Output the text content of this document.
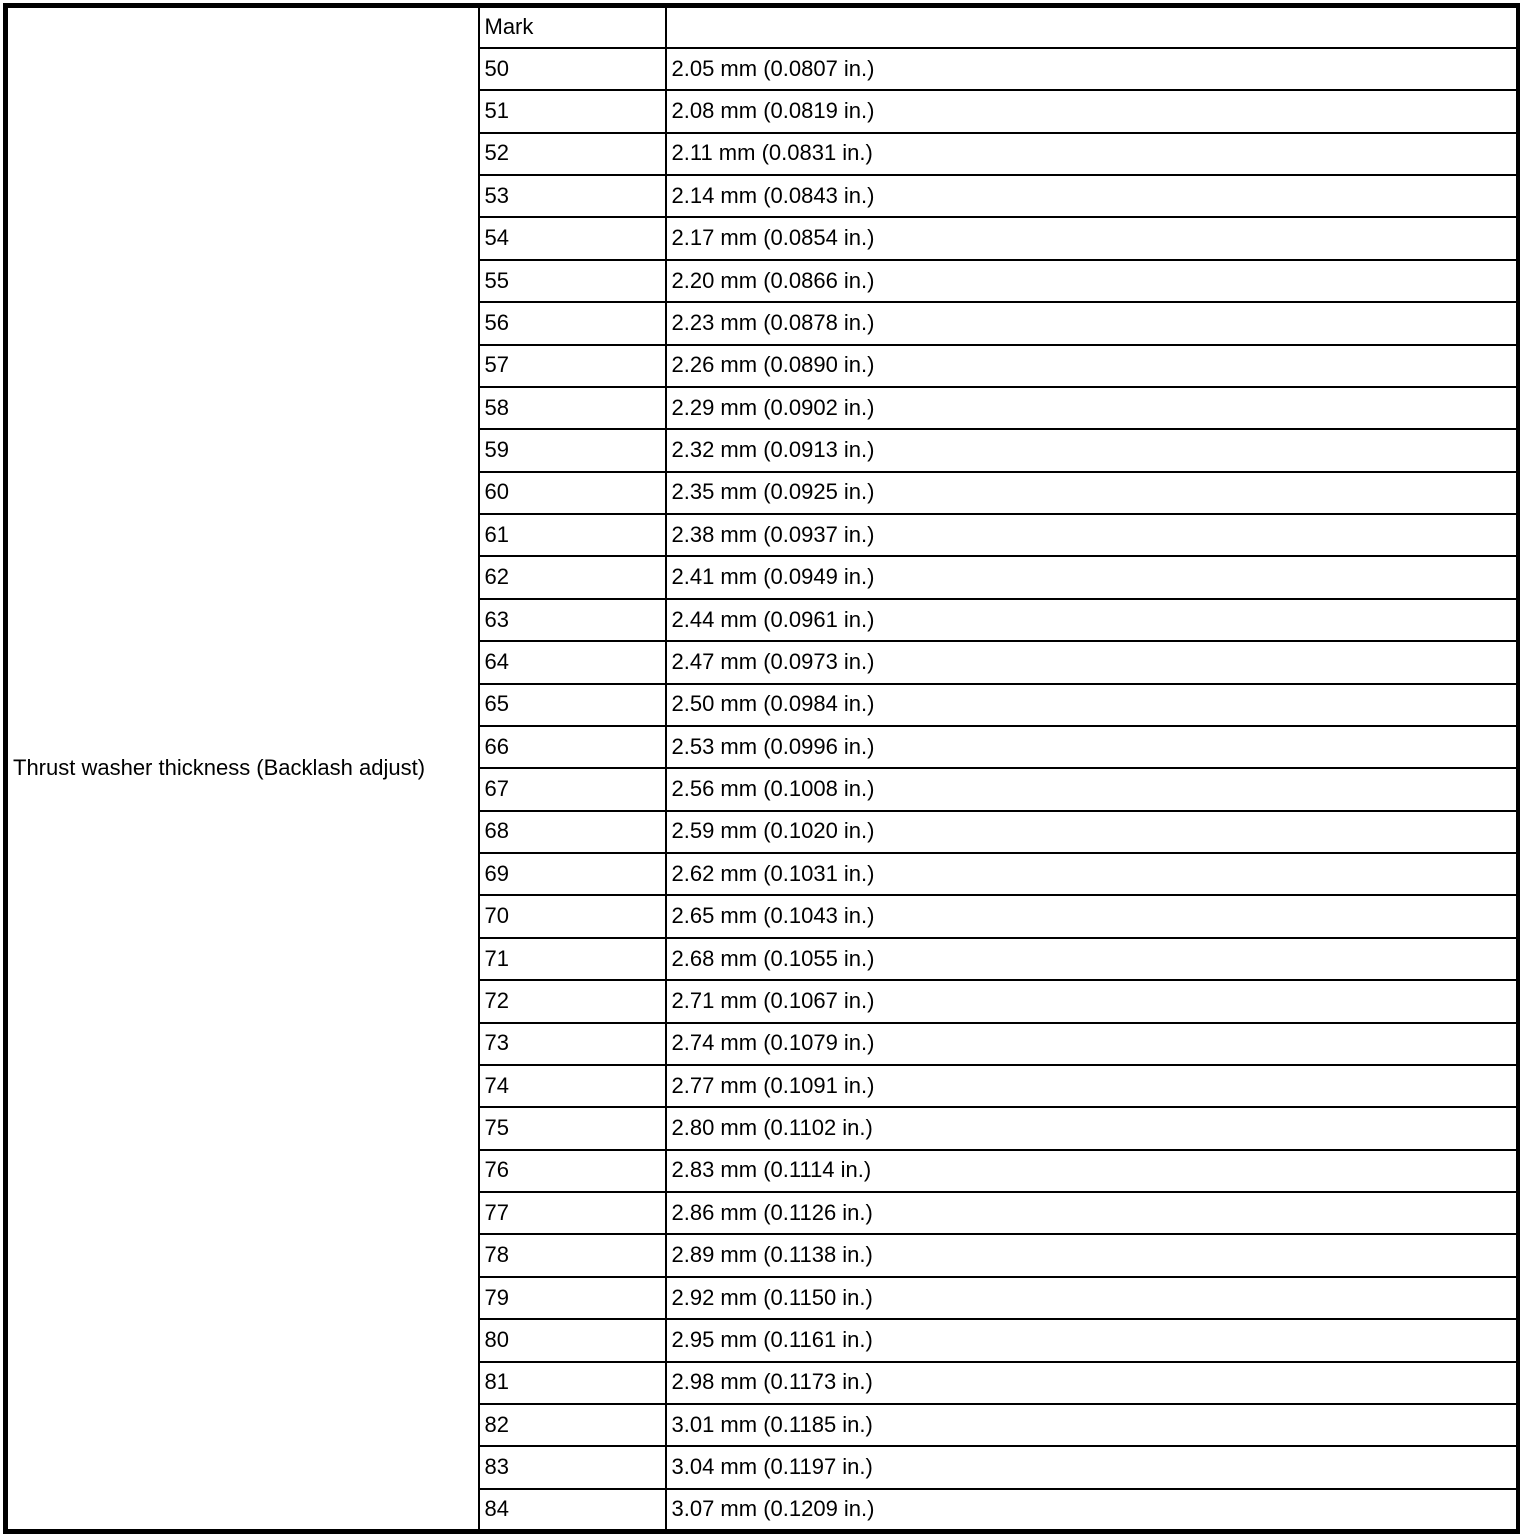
Thrust washer thickness (Backlash adjust)	Mark	
	50	2.05 mm (0.0807 in.)
	51	2.08 mm (0.0819 in.)
	52	2.11 mm (0.0831 in.)
	53	2.14 mm (0.0843 in.)
	54	2.17 mm (0.0854 in.)
	55	2.20 mm (0.0866 in.)
	56	2.23 mm (0.0878 in.)
	57	2.26 mm (0.0890 in.)
	58	2.29 mm (0.0902 in.)
	59	2.32 mm (0.0913 in.)
	60	2.35 mm (0.0925 in.)
	61	2.38 mm (0.0937 in.)
	62	2.41 mm (0.0949 in.)
	63	2.44 mm (0.0961 in.)
	64	2.47 mm (0.0973 in.)
	65	2.50 mm (0.0984 in.)
	66	2.53 mm (0.0996 in.)
	67	2.56 mm (0.1008 in.)
	68	2.59 mm (0.1020 in.)
	69	2.62 mm (0.1031 in.)
	70	2.65 mm (0.1043 in.)
	71	2.68 mm (0.1055 in.)
	72	2.71 mm (0.1067 in.)
	73	2.74 mm (0.1079 in.)
	74	2.77 mm (0.1091 in.)
	75	2.80 mm (0.1102 in.)
	76	2.83 mm (0.1114 in.)
	77	2.86 mm (0.1126 in.)
	78	2.89 mm (0.1138 in.)
	79	2.92 mm (0.1150 in.)
	80	2.95 mm (0.1161 in.)
	81	2.98 mm (0.1173 in.)
	82	3.01 mm (0.1185 in.)
	83	3.04 mm (0.1197 in.)
	84	3.07 mm (0.1209 in.)
